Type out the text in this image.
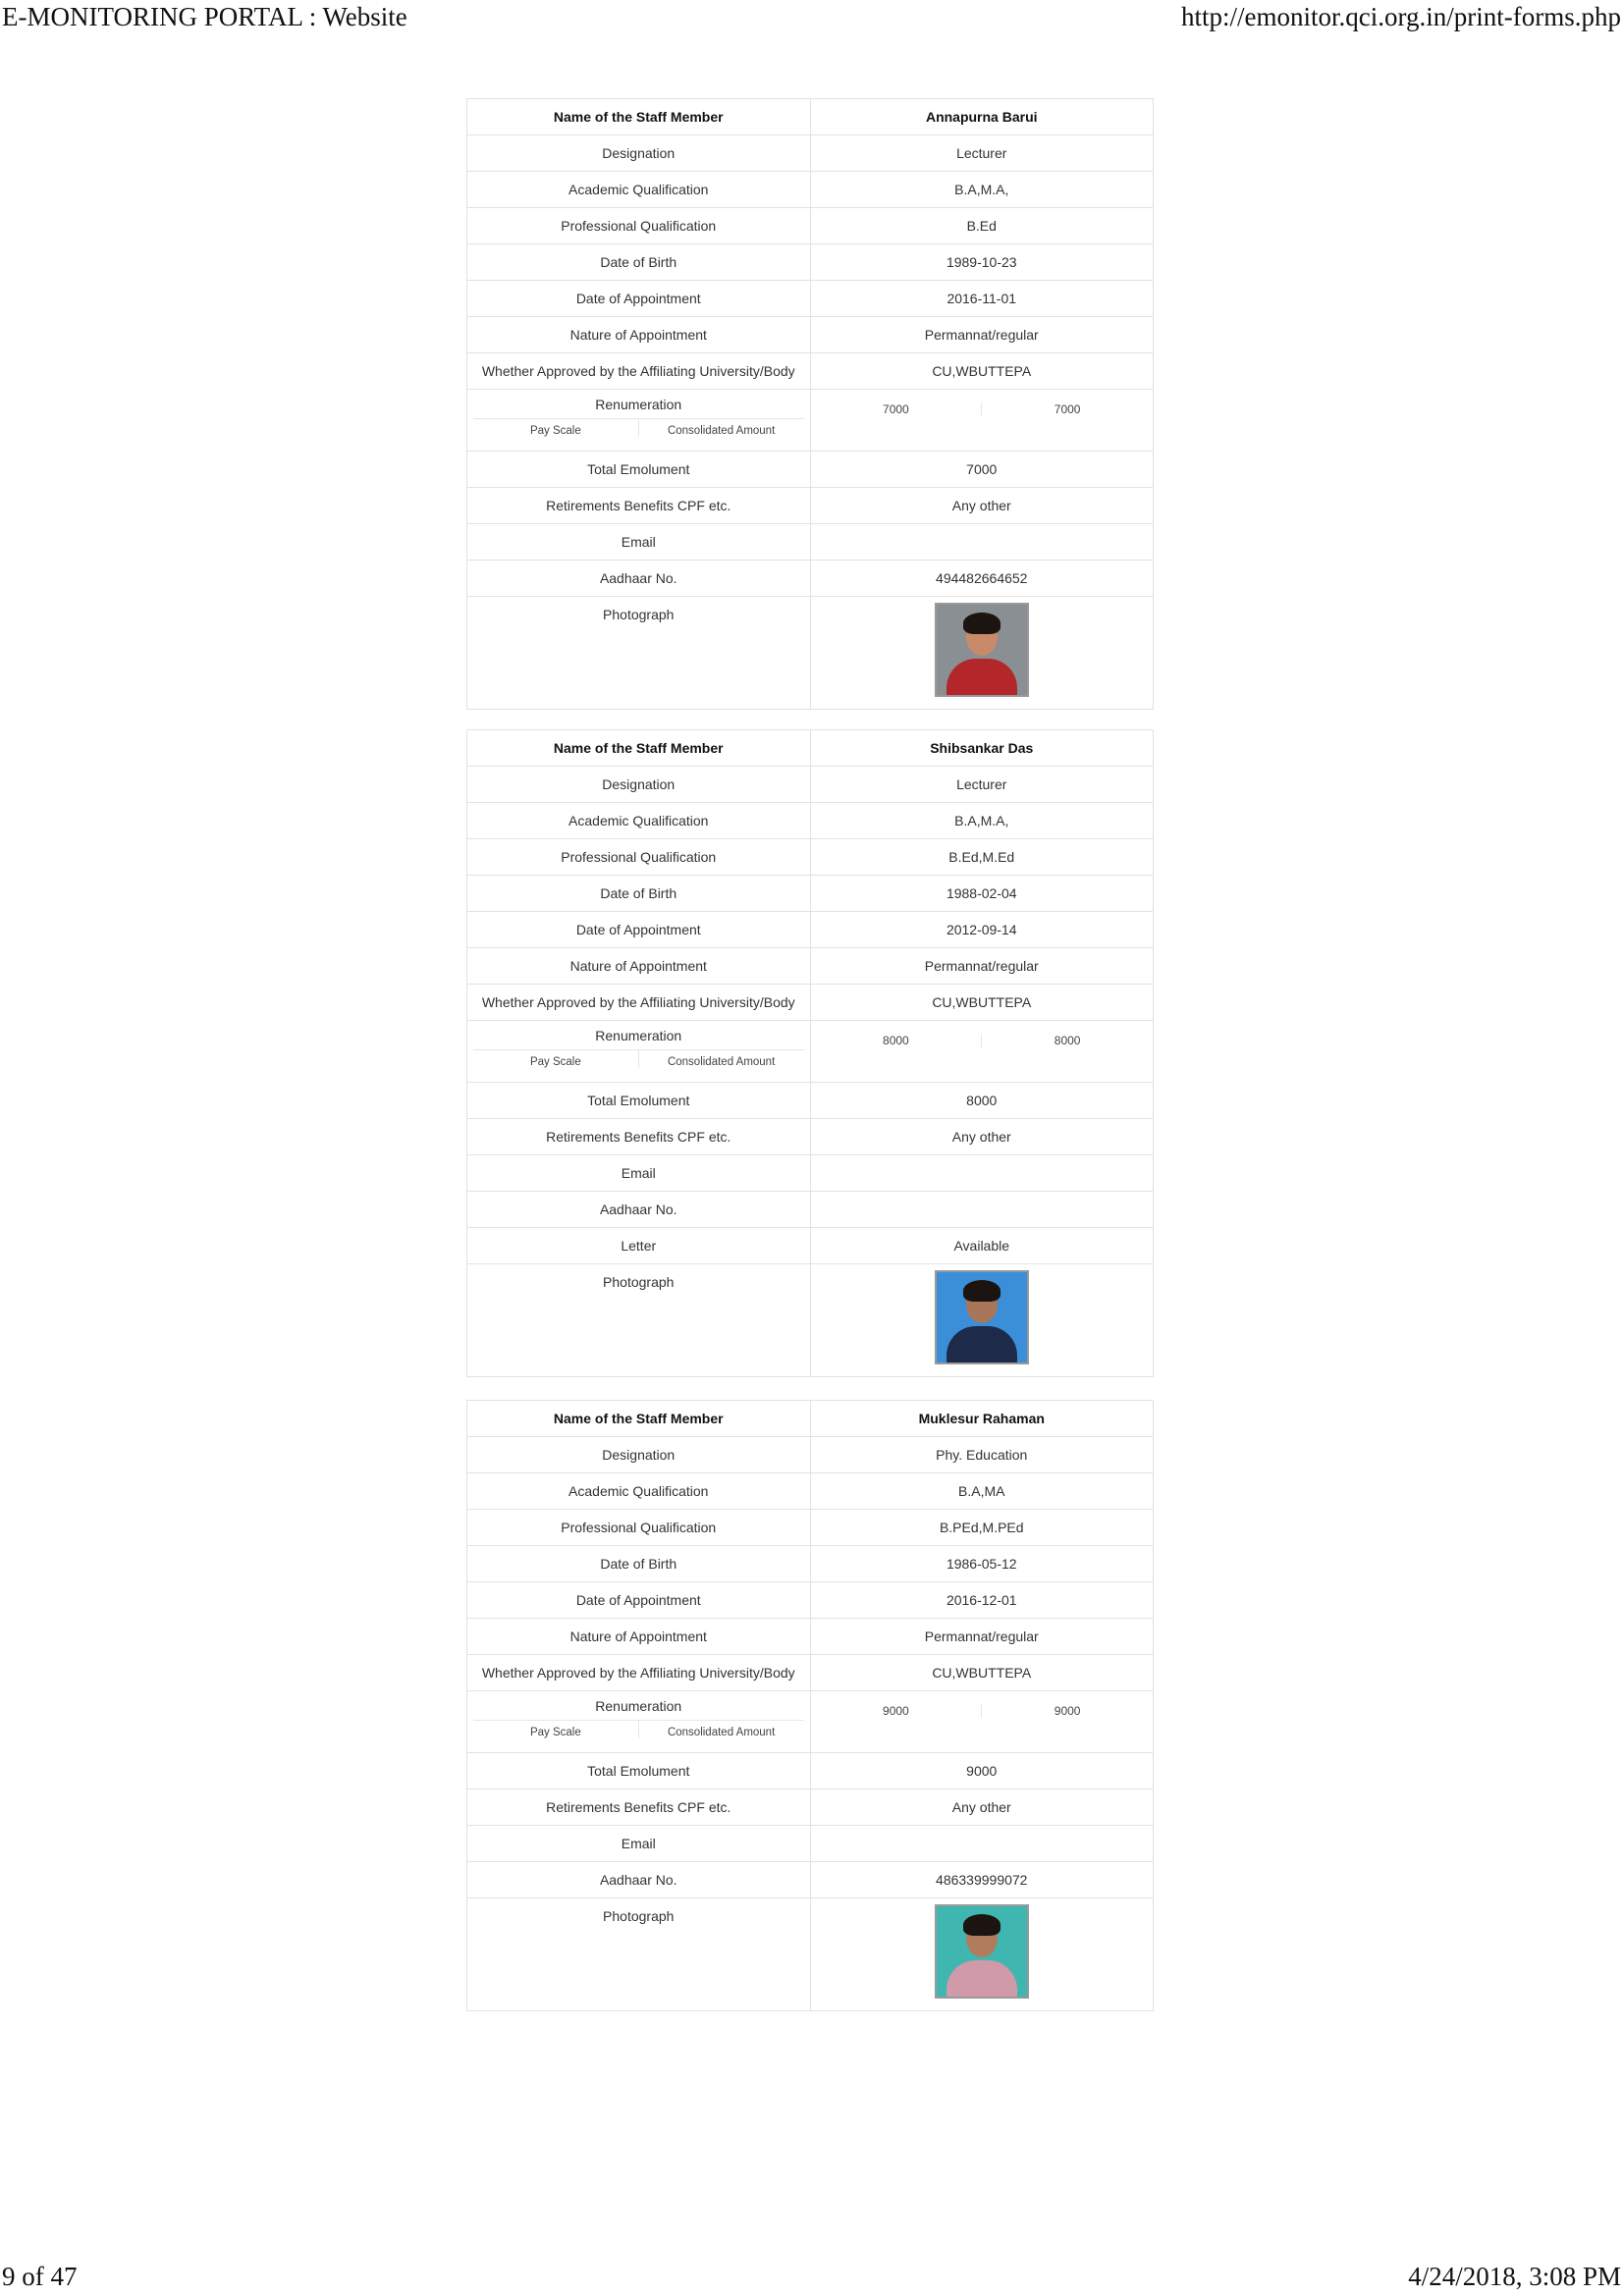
E-MONITORING PORTAL : Website	http://emonitor.qci.org.in/print-forms.php
Name of the Staff Member	Annapurna Barui
Designation	Lecturer
Academic Qualification	B.A,M.A,
Professional Qualification	B.Ed
Date of Birth	1989-10-23
Date of Appointment	2016-11-01
Nature of Appointment	Permannat/regular
Whether Approved by the Affiliating University/Body	CU,WBUTTEPA

Renumeration
Pay Scale Consolidated Amount	7000 7000

Total Emolument	7000
Retirements Benefits CPF etc.	Any other
Email	
Aadhaar No.	494482664652
Photograph	
Name of the Staff Member	Shibsankar Das
Designation	Lecturer
Academic Qualification	B.A,M.A,
Professional Qualification	B.Ed,M.Ed
Date of Birth	1988-02-04
Date of Appointment	2012-09-14
Nature of Appointment	Permannat/regular
Whether Approved by the Affiliating University/Body	CU,WBUTTEPA

Renumeration
Pay Scale Consolidated Amount	8000 8000

Total Emolument	8000
Retirements Benefits CPF etc.	Any other
Email	
Aadhaar No.	
Letter	Available
Photograph	
Name of the Staff Member	Muklesur Rahaman
Designation	Phy. Education
Academic Qualification	B.A,MA
Professional Qualification	B.PEd,M.PEd
Date of Birth	1986-05-12
Date of Appointment	2016-12-01
Nature of Appointment	Permannat/regular
Whether Approved by the Affiliating University/Body	CU,WBUTTEPA

Renumeration
Pay Scale Consolidated Amount	9000 9000

Total Emolument	9000
Retirements Benefits CPF etc.	Any other
Email	
Aadhaar No.	486339999072
Photograph	
9 of 47	4/24/2018, 3:08 PM
